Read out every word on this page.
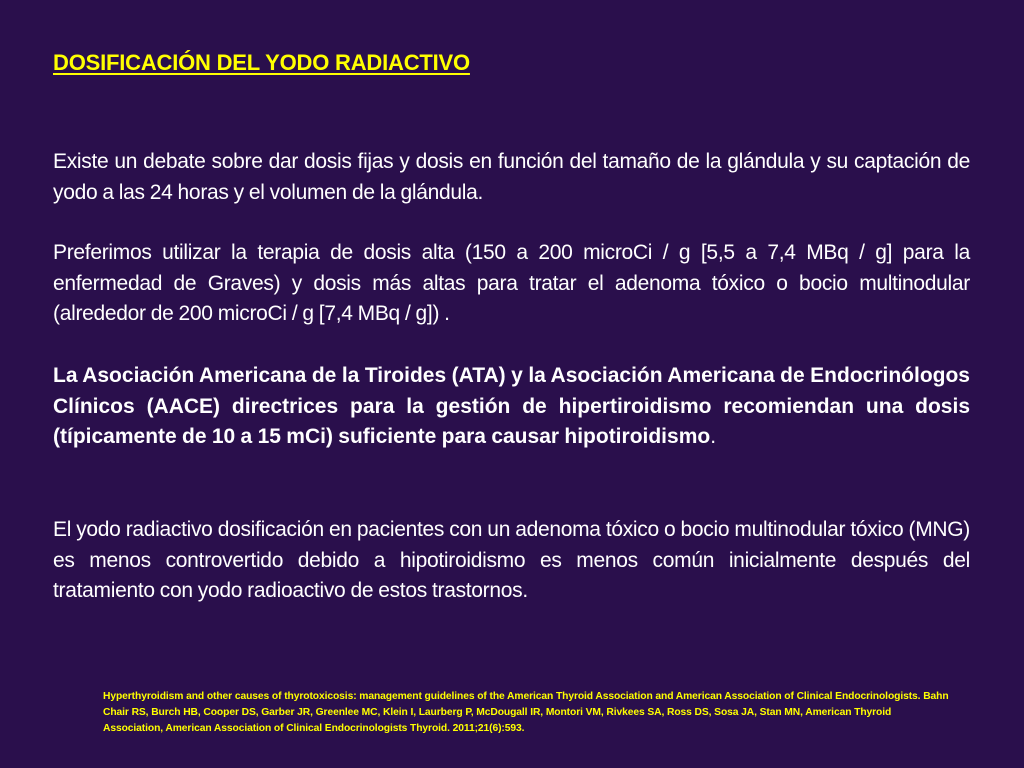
DOSIFICACIÓN DEL YODO RADIACTIVO
Existe un debate sobre dar dosis fijas y dosis en función del tamaño de la glándula y su captación de yodo a las 24 horas y el volumen de la glándula.
Preferimos utilizar la terapia de dosis alta (150 a 200 microCi / g [5,5 a 7,4 MBq / g] para la enfermedad de Graves) y dosis más altas para tratar el adenoma tóxico o bocio multinodular (alrededor de 200 microCi / g [7,4 MBq / g]) .
La Asociación Americana de la Tiroides (ATA) y la Asociación Americana de Endocrinólogos Clínicos (AACE) directrices para la gestión de hipertiroidismo recomiendan una dosis (típicamente de 10 a 15 mCi) suficiente para causar hipotiroidismo.
El yodo radiactivo dosificación en pacientes con un adenoma tóxico o bocio multinodular tóxico (MNG) es menos controvertido debido a hipotiroidismo es menos común inicialmente después del tratamiento con yodo radioactivo de estos trastornos.
Hyperthyroidism and other causes of thyrotoxicosis: management guidelines of the American Thyroid Association and American Association of Clinical Endocrinologists. Bahn Chair RS, Burch HB, Cooper DS, Garber JR, Greenlee MC, Klein I, Laurberg P, McDougall IR, Montori VM, Rivkees SA, Ross DS, Sosa JA, Stan MN, American Thyroid Association, American Association of Clinical Endocrinologists Thyroid. 2011;21(6):593.
